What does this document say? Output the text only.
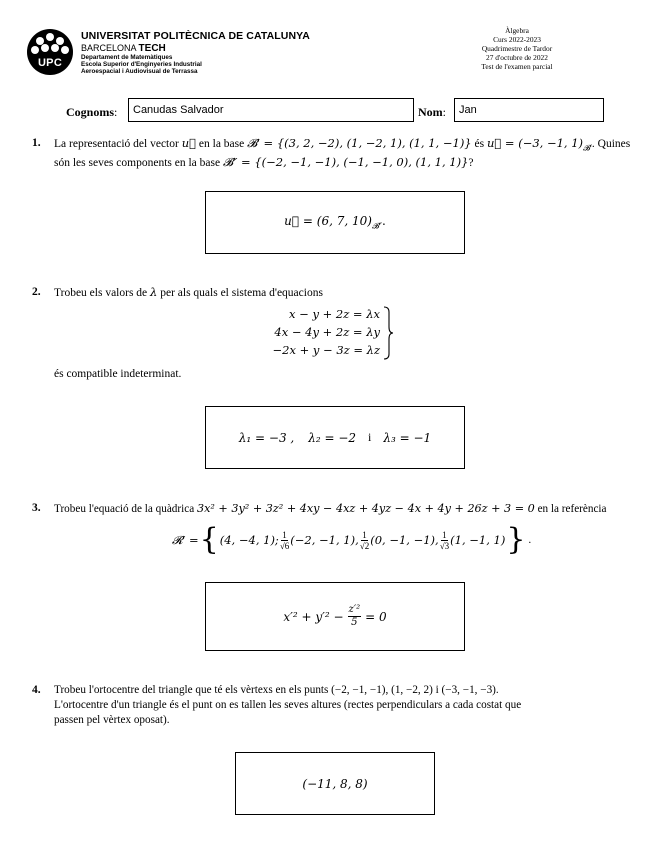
UPC
UNIVERSITAT POLITÈCNICA DE CATALUNYA
BARCELONA TECH
Departament de Matemàtiques
Escola Superior d'Enginyeries Industrial
Aeroespacial i Audiovisual de Terrassa
Àlgebra
Curs 2022-2023
Quadrimestre de Tardor
27 d'octubre de 2022
Test de l'examen parcial
Cognoms:	Canudas Salvador	Nom:	Jan
1. La representació del vector u⃗ en la base 𝓑′ = {(3, 2, −2), (1, −2, 1), (1, 1, −1)} és u⃗ = (−3, −1, $1)_{𝓑'}$. Quines
són les seves components en la base 𝓑″ = {(−2, −1, −1), (−1, −1, 0), (1, 1, 1)}?
u⃗ = (6, 7, $10)_{𝓑''}$.
2. Trobeu els valors de λ per als quals el sistema d'equacions
x − y + 2z = λx
4x − 4y + 2z = λy
−2x + y − 3z = λz
és compatible indeterminat.
λ₁ = −3 , λ₂ = −2 i λ₃ = −1
3. Trobeu l'equació de la quàdrica 3x² + 3y² + 3z² + 4xy − 4xz + 4yz − 4x + 4y + 26z + 3 = 0 en la referència
𝓡′ = { (4, −4, 1); $\frac{1}{√6} (-2$, −1, 1), $\frac{1}{√2} (0$, −1, −1), $\frac{1}{√3} (1$, −1, 1) } .
$x'^2 + y'^2 - \frac{\text{z′²}}{5} = 0$
4. Trobeu l'ortocentre del triangle que té els vèrtexs en els punts (−2, −1, −1), (1, −2, 2) i (−3, −1, −3).
L'ortocentre d'un triangle és el punt on es tallen les seves altures (rectes perpendiculars a cada costat que
passen pel vèrtex oposat).
(−11, 8, 8)
